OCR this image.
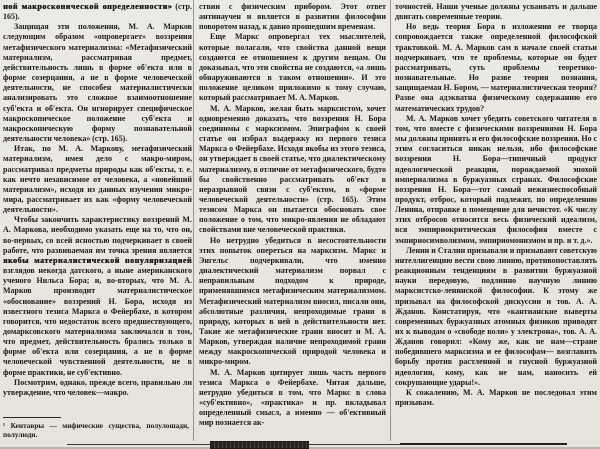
ной макроскопической определенности» (стр. 165).

Защищая эти положения, М. А. Марков следующим образом «опровергает» воззрения метафизического материализма: «Метафизический материализм, рассматривая предмет, действительность лишь в форме об'екта или в форме созерцания, а не в форме человеческой деятельности, не способен материалистически анализировать это сложное взаимоотношение суб'екта и об'екта. Он игнорирует специфическое макроскопическое положение суб'екта и макроскопическую форму познавательной деятельности человека» (стр. 165).

Итак, по М. А. Маркову, метафизический материализм, имея дело с макро-миром, рассматривал предметы природы как об'екты, т. е. как нечто независимое от человека, а «новейший материализм», исходя из данных изучения микро-мира, рассматривает их как «форму человеческой деятельности».

Чтобы закончить характеристику воззрений М. А. Маркова, необходимо указать еще на то, что он, во-первых, со всей ясностью подчеркивает в своей работе, что развиваемая им точка зрения является якобы материалистической популяризацией взглядов некогда датского, а ныне американского ученого Нильса Бора; и, во-вторых, что М. А. Марков производит материалистическое «обоснование» воззрений Н. Бора, исходя из известного тезиса Маркса о Фейербахе, в котором говорится, что недостаток всего предшествующего, домарксовского материализма заключался в том, что предмет, действительность брались только в форме об'екта или созерцания, а не в форме человеческой чувственной деятельности, не в форме практики, не суб'ективно.

Посмотрим, однако, прежде всего, правильно ли утверждение, что человек—макро.

ствии с физическим прибором. Этот ответ антинаучен и является в развитии философии поворотом назад, к давно прошедшим временам.

Еще Маркс опровергал тех мыслителей, которые полагали, что свойства данной вещи создаются ее отношением к другим вещам. Он доказывал, что эти свойства не создаются, «а лишь обнаруживаются в таком отношении». И это положение целиком приложимо к тому случаю, который рассматривает М. А. Марков.

М. А. Марков, желая быть марксистом, хочет одновременно доказать, что воззрения Н. Бора соединимы с марксизмом. Эпиграфом к своей статье он избрал выдержку из первого тезиса Маркса о Фейербахе. Исходя якобы из этого тезиса, он утверждает в своей статье, что диалектическому материализму, в отличие от метафизического, будто бы свойственно рассматривать об'ект в неразрывной связи с суб'ектом, в «форме человеческой деятельности» (стр. 165). Этим тезисом Маркса он пытается обосновать свое положение о том, что микро-явления не обладают свойствами вне человеческой практики.

Но нетрудно убедиться в несостоятельности этих попыток опереться на марксизм. Маркс и Энгельс подчеркивали, что именно диалектический материализм порвал с неправильным подходом к природе, применявшимся метафизическим материализмом. Метафизический материализм вносил, писали они, абсолютные различия, непроходимые грани в природу, которых в ней в действительности нет. Такие же метафизические грани вносит и М. А. Марков, утверждая наличие непроходимой грани между макроскопической природой человека и микро-миром.

М. А. Марков цитирует лишь часть первого тезиса Маркса о Фейербахе. Читая дальше, нетрудно убедиться в том, что Маркс в слова «суб'ективно», «практика» и пр. вкладывал определенный смысл, а именно — об'ективный мир познается ак-

точностей. Наши ученые должны усваивать и дальше двигать современные теории.

Но ведь теория Бора в изложении ее творца сопровождается также определенной философской трактовкой. М. А. Марков сам в начале своей статьи подчеркивает, что те проблемы, которые он будет рассматривать, суть проблемы теоретико-познавательные. Но разве теория познания, защищаемая Н. Бором, — материалистическая теория? Разве она адэкватна физическому содержанию его математических трудов?

М. А. Марков хочет убедить советского читателя в том, что вместе с физическими воззрениями Н. Бора мы должны принять и его философские воззрения. Но с этим согласиться никак нельзя, ибо философские воззрения Н. Бора—типичный продукт идеологической реакции, порождаемой эпохой империализма в буржуазных странах. Философские воззрения Н. Бора—тот самый нежизнеспособный продукт, отброс, который подлежит, по определению Ленина, отправке в помещение для нечистот. «К числу этих отбросов относится весь физический идеализм, вся эмпириокритическая философия вместе с эмпириосимволизмом, эмпириомонизмом и пр. и т. д.».

Ленин и Сталин призывали и призывают советскую интеллигенцию вести свою линию, противопоставлять реакционным тенденциям в развитии буржуазной науки передовую, подлинно научную линию марксистско-ленинской философии. К этому же призывал на философской дискуссии и тов. А. А. Жданов. Констатируя, что «кантианские выверты современных буржуазных атомных физиков приводят их к выводам о «свободе воли» у электрона», тов. А. А. Жданов говорил: «Кому же, как не нам—стране победившего марксизма и ее философам— возглавить борьбу против растленной и гнусной буржуазной идеологии, кому, как не нам, наносить ей сокрушающие удары!».

К сожалению, М. А. Марков не последовал этим призывам.

¹ Кентавры — мифические существа, полулошади, полулюди.
